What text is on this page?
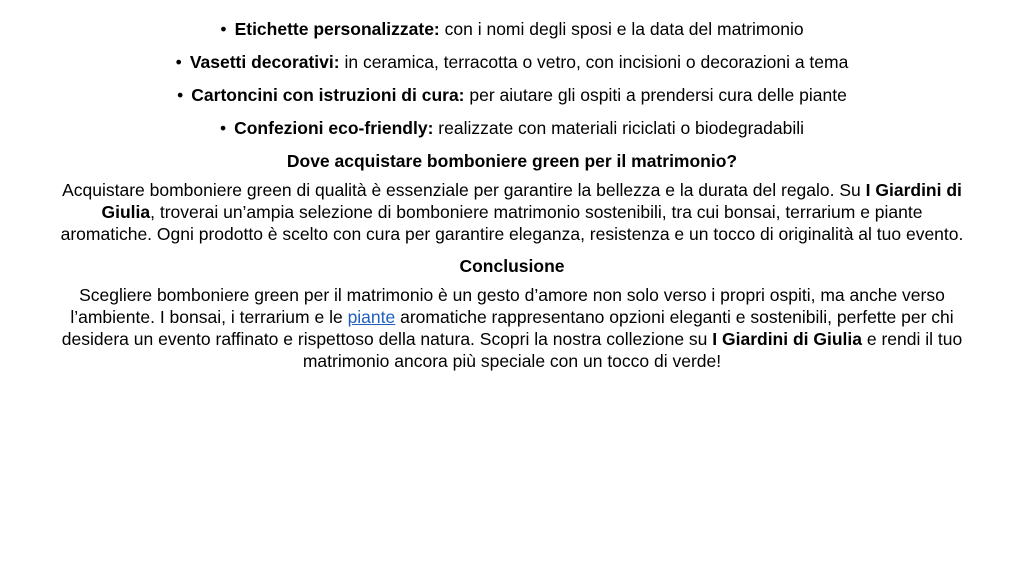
• Etichette personalizzate: con i nomi degli sposi e la data del matrimonio
• Vasetti decorativi: in ceramica, terracotta o vetro, con incisioni o decorazioni a tema
• Cartoncini con istruzioni di cura: per aiutare gli ospiti a prendersi cura delle piante
• Confezioni eco-friendly: realizzate con materiali riciclati o biodegradabili
Dove acquistare bomboniere green per il matrimonio?
Acquistare bomboniere green di qualità è essenziale per garantire la bellezza e la durata del regalo. Su I Giardini di Giulia, troverai un’ampia selezione di bomboniere matrimonio sostenibili, tra cui bonsai, terrarium e piante aromatiche. Ogni prodotto è scelto con cura per garantire eleganza, resistenza e un tocco di originalità al tuo evento.
Conclusione
Scegliere bomboniere green per il matrimonio è un gesto d’amore non solo verso i propri ospiti, ma anche verso l’ambiente. I bonsai, i terrarium e le piante aromatiche rappresentano opzioni eleganti e sostenibili, perfette per chi desidera un evento raffinato e rispettoso della natura. Scopri la nostra collezione su I Giardini di Giulia e rendi il tuo matrimonio ancora più speciale con un tocco di verde!
